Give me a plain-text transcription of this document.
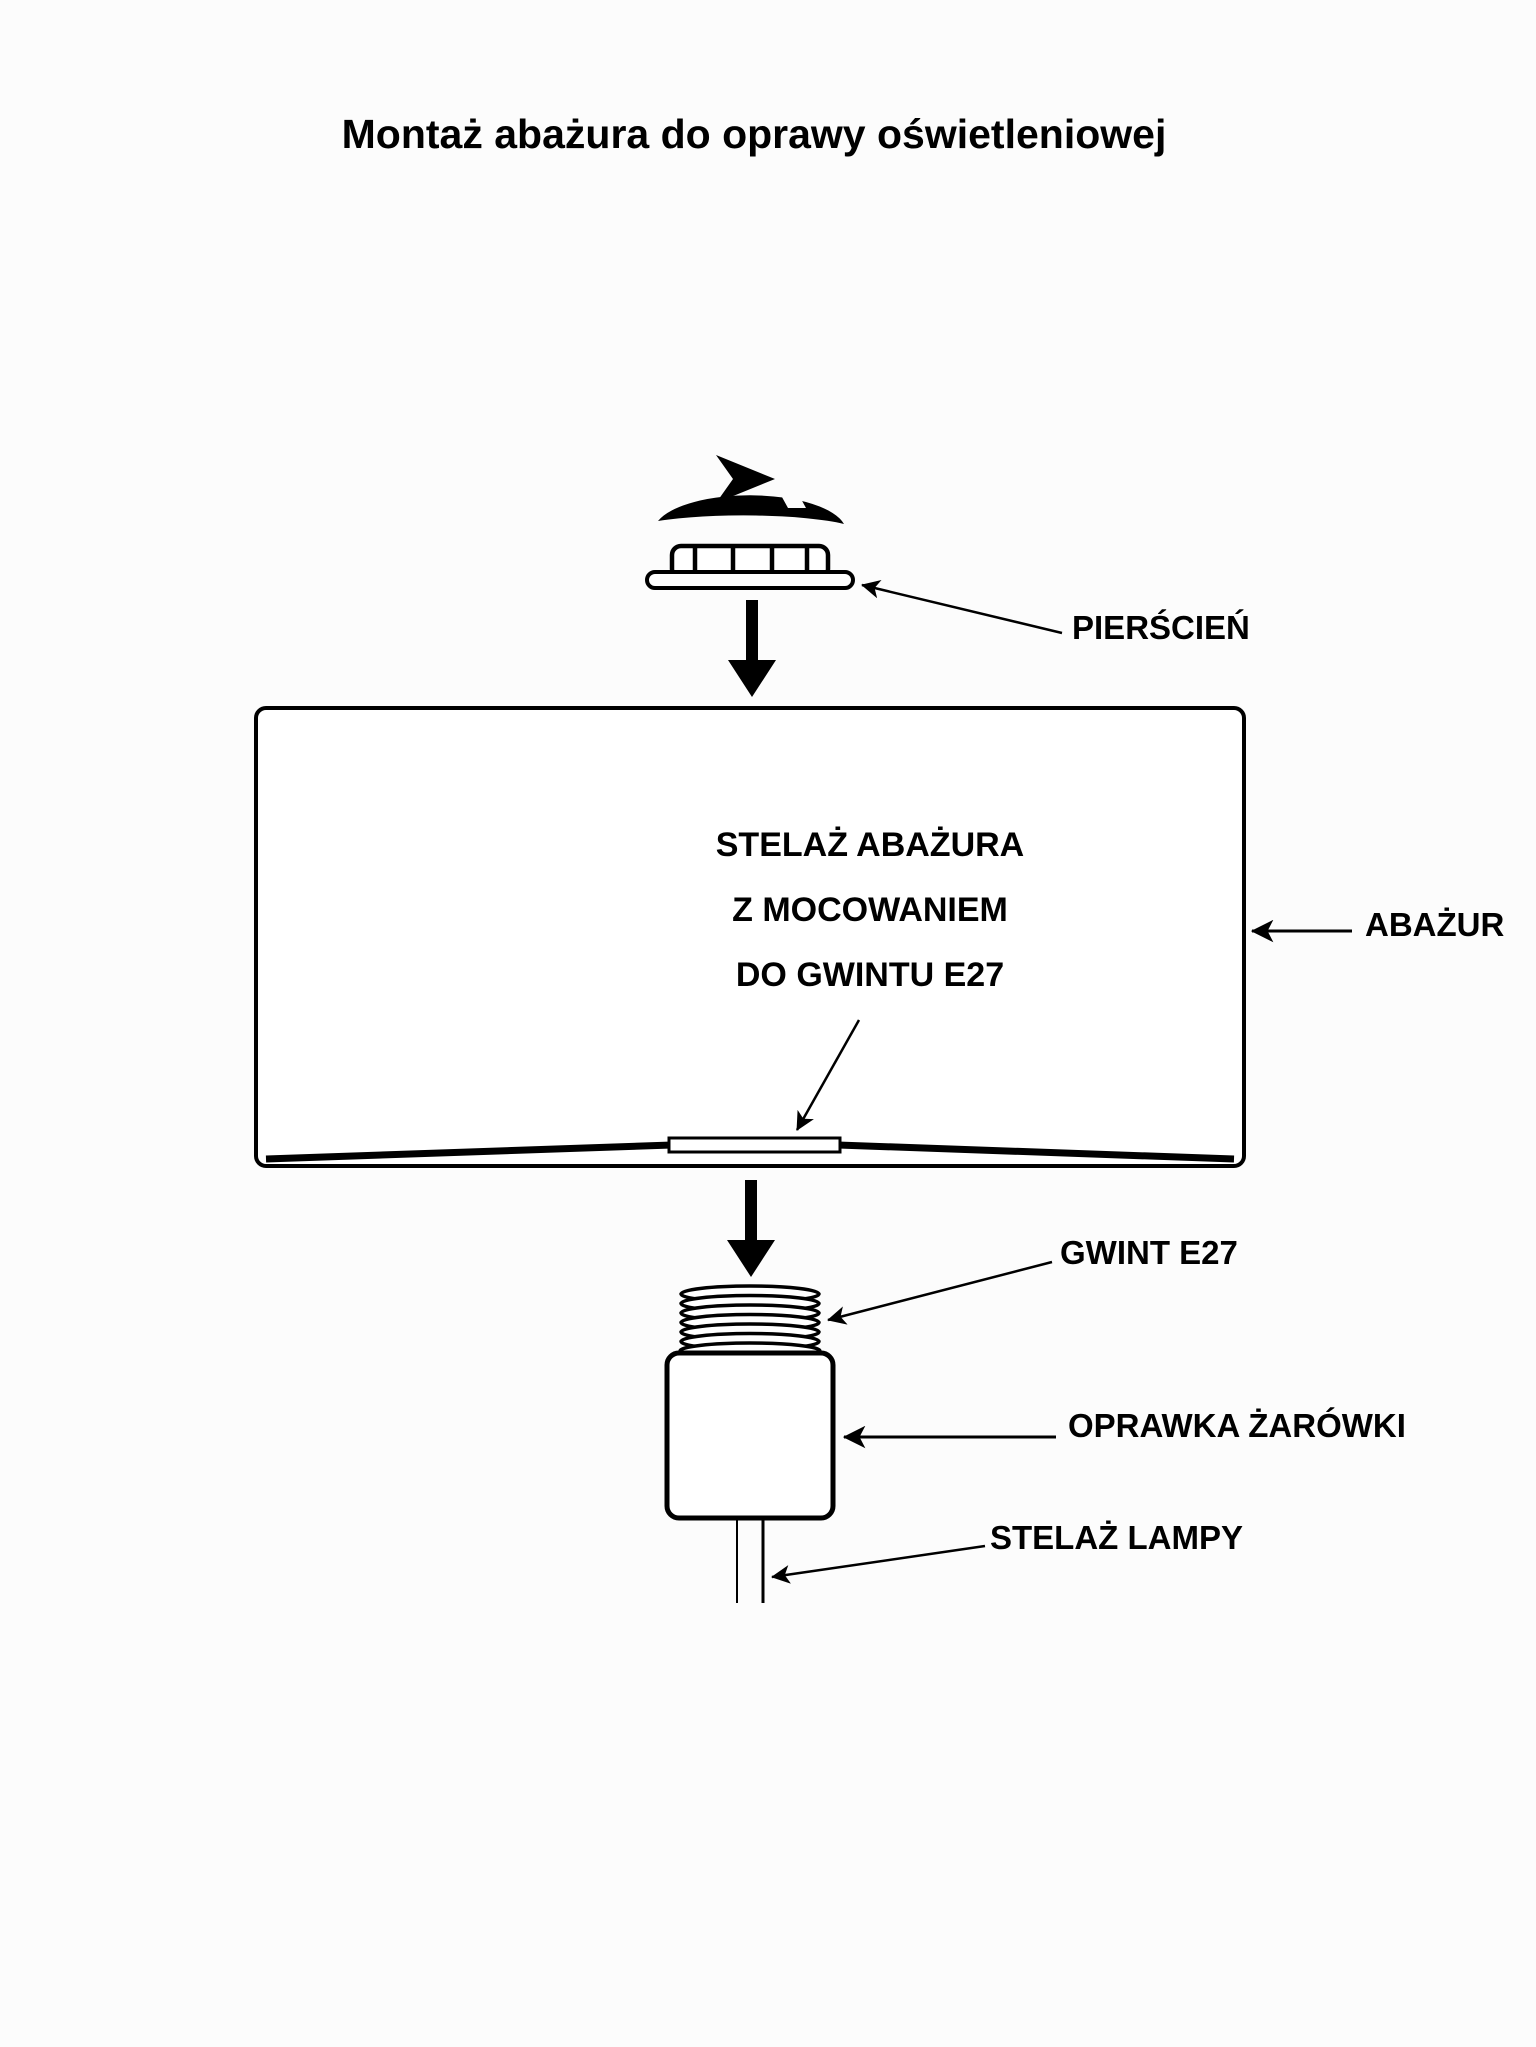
Montaż abażura do oprawy oświetleniowej
PIERŚCIEŃ
STELAŻ ABAŻURA
Z MOCOWANIEM
DO GWINTU E27
ABAŻUR
GWINT E27
OPRAWKA ŻARÓWKI
STELAŻ LAMPY
